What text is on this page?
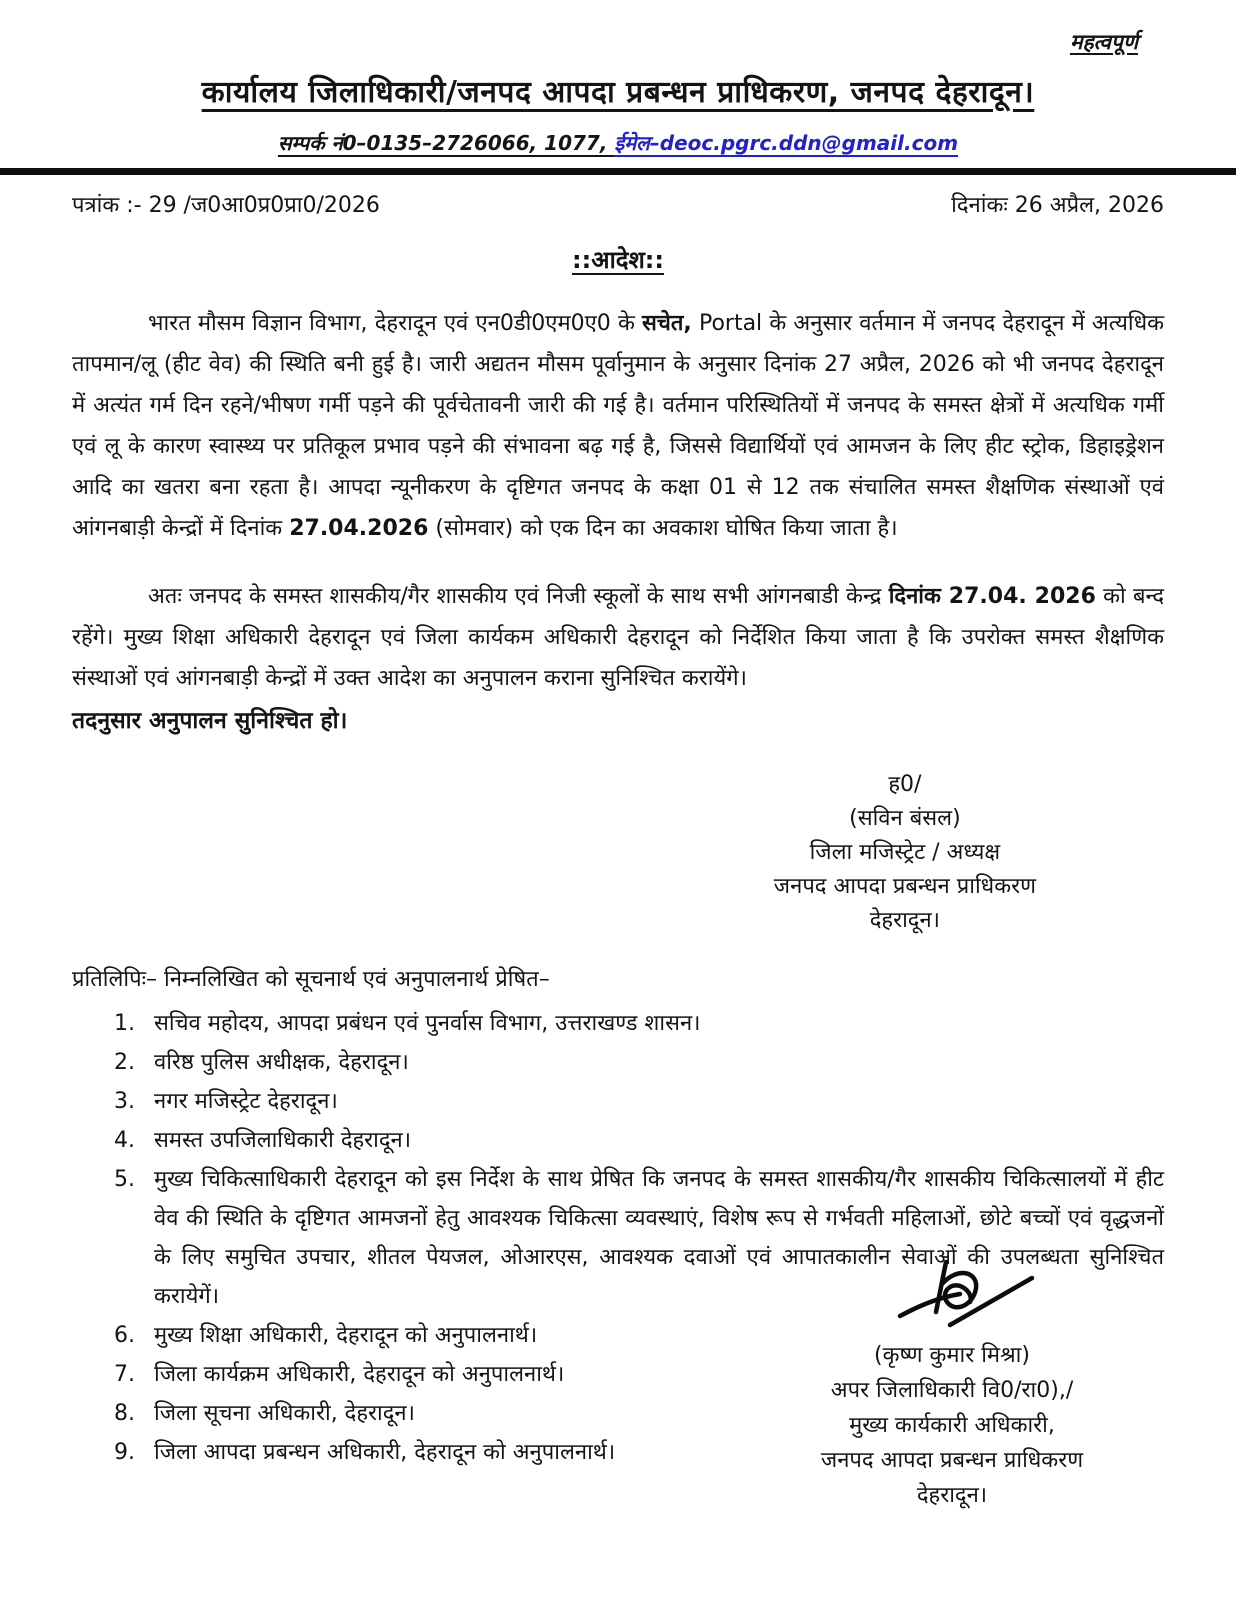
महत्वपूर्ण
कार्यालय जिलाधिकारी/जनपद आपदा प्रबन्धन प्राधिकरण, जनपद देहरादून।
सम्पर्क नं0–0135–2726066, 1077, ईमेल–deoc.pgrc.ddn@gmail.com
पत्रांक :- 29 /ज0आ0प्र0प्रा0/2026	दिनांकः 26 अप्रैल, 2026
::आदेश::

भारत मौसम विज्ञान विभाग, देहरादून एवं एन0डी0एम0ए0 के सचेत, Portal के अनुसार वर्तमान में जनपद देहरादून में अत्यधिक तापमान/लू (हीट वेव) की स्थिति बनी हुई है। जारी अद्यतन मौसम पूर्वानुमान के अनुसार दिनांक 27 अप्रैल, 2026 को भी जनपद देहरादून में अत्यंत गर्म दिन रहने/भीषण गर्मी पड़ने की पूर्वचेतावनी जारी की गई है। वर्तमान परिस्थितियों में जनपद के समस्त क्षेत्रों में अत्यधिक गर्मी एवं लू के कारण स्वास्थ्य पर प्रतिकूल प्रभाव पड़ने की संभावना बढ़ गई है, जिससे विद्यार्थियों एवं आमजन के लिए हीट स्ट्रोक, डिहाइड्रेशन आदि का खतरा बना रहता है। आपदा न्यूनीकरण के दृष्टिगत जनपद के कक्षा 01 से 12 तक संचालित समस्त शैक्षणिक संस्थाओं एवं आंगनबाड़ी केन्द्रों में दिनांक 27.04.2026 (सोमवार) को एक दिन का अवकाश घोषित किया जाता है।

अतः जनपद के समस्त शासकीय/गैर शासकीय एवं निजी स्कूलों के साथ सभी आंगनबाडी केन्द्र दिनांक 27.04. 2026 को बन्द रहेंगे। मुख्य शिक्षा अधिकारी देहरादून एवं जिला कार्यकम अधिकारी देहरादून को निर्देशित किया जाता है कि उपरोक्त समस्त शैक्षणिक संस्थाओं एवं आंगनबाड़ी केन्द्रों में उक्त आदेश का अनुपालन कराना सुनिश्चित करायेंगे।

तदनुसार अनुपालन सुनिश्चित हो।
ह0/
(सविन बंसल)
जिला मजिस्ट्रेट / अध्यक्ष
जनपद आपदा प्रबन्धन प्राधिकरण
देहरादून।
प्रतिलिपिः– निम्नलिखित को सूचनार्थ एवं अनुपालनार्थ प्रेषित–
1. सचिव महोदय, आपदा प्रबंधन एवं पुनर्वास विभाग, उत्तराखण्ड शासन।
2. वरिष्ठ पुलिस अधीक्षक, देहरादून।
3. नगर मजिस्ट्रेट देहरादून।
4. समस्त उपजिलाधिकारी देहरादून।
5. मुख्य चिकित्साधिकारी देहरादून को इस निर्देश के साथ प्रेषित कि जनपद के समस्त शासकीय/गैर शासकीय चिकित्सालयों में हीट वेव की स्थिति के दृष्टिगत आमजनों हेतु आवश्यक चिकित्सा व्यवस्थाएं, विशेष रूप से गर्भवती महिलाओं, छोटे बच्चों एवं वृद्धजनों के लिए समुचित उपचार, शीतल पेयजल, ओआरएस, आवश्यक दवाओं एवं आपातकालीन सेवाओं की उपलब्धता सुनिश्चित करायेगें।
6. मुख्य शिक्षा अधिकारी, देहरादून को अनुपालनार्थ।
7. जिला कार्यक्रम अधिकारी, देहरादून को अनुपालनार्थ।
8. जिला सूचना अधिकारी, देहरादून।
9. जिला आपदा प्रबन्धन अधिकारी, देहरादून को अनुपालनार्थ।
(कृष्ण कुमार मिश्रा)
अपर जिलाधिकारी वि0/रा0),/
मुख्य कार्यकारी अधिकारी,
जनपद आपदा प्रबन्धन प्राधिकरण
देहरादून।
